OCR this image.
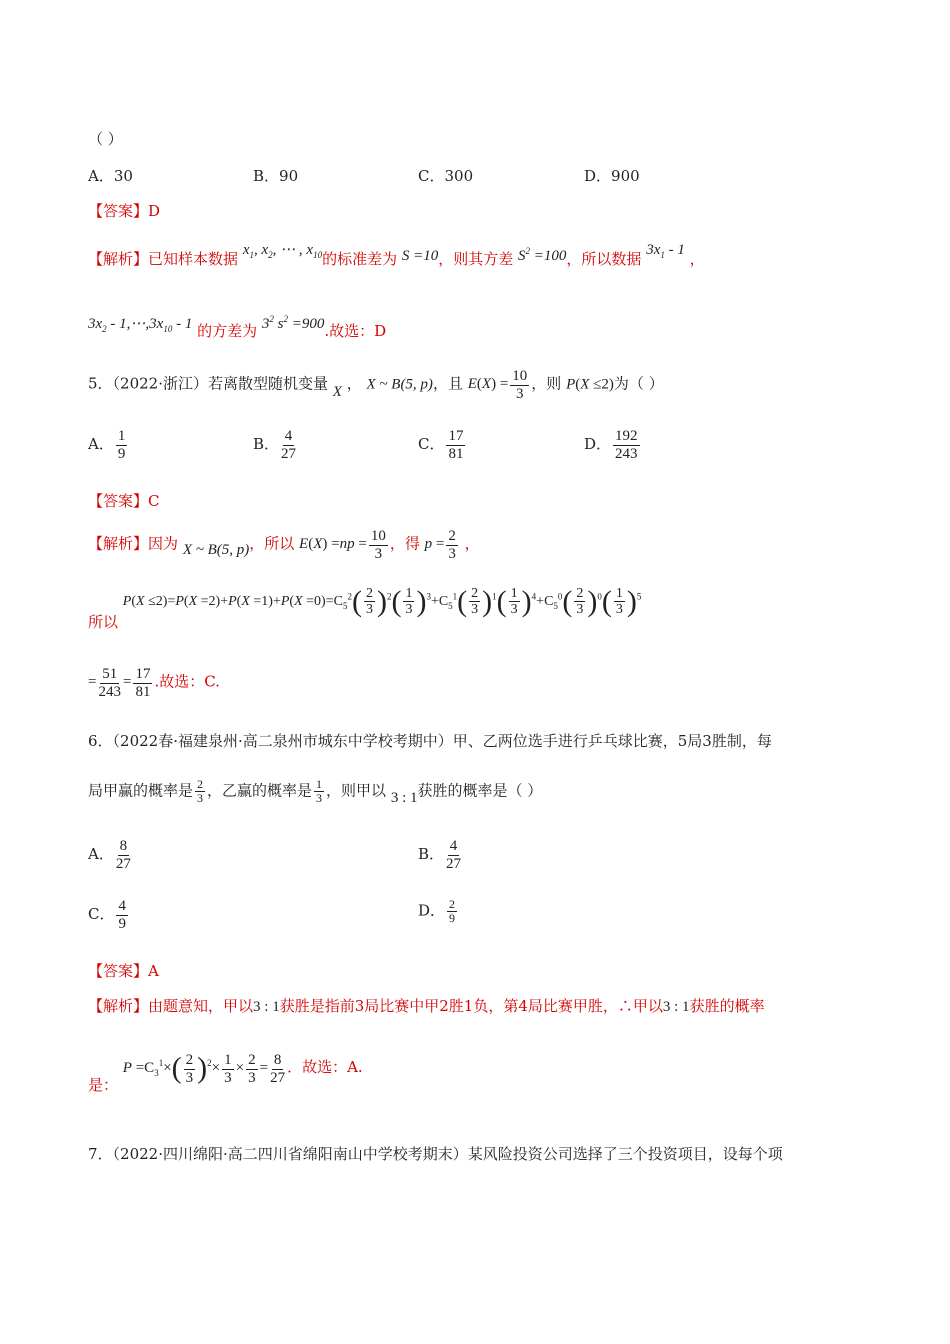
（ ）
A．30	B．90	C．300	D．900
【答案】D
【解析】已知样本数据 $x_1$, $x_2$, ⋯ , $x_{10}$的标准差为 S =10，则其方差 $S^2 =100$，所以数据 $3x_1 - 1$ ，
$3x_2$ - $1,\cdots,3x_{10} - 1$ 的方差为 $3^2$ $s^2 =900$.故选：D
5．（2022·浙江）若离散型随机变量 X ， X ~ B(5, p)，且 $E(X) = \frac{10}{3}$ ，则 P(X ≤2)为（ ）
A． $\frac{1}{9}$	B． $\frac{4}{27}$	C． $\frac{17}{81}$	D． $\frac{192}{243}$
【答案】C
【解析】因为 X ~ B(5, p)，所以 $E(X) =np = \frac{10}{3}$ ，得 $p = \frac{2}{3}$ ，
所以 $P(X \le 2)=P(X =2)+P(X =1)+P(X =0)=C_5^2( \frac{2}{3} )^2( \frac{1}{3} )^3+C_5^1( \frac{2}{3} )^1( \frac{1}{3} )^4+C_5^0( \frac{2}{3} )^0( \frac{1}{3} )^5$
= $\frac{51}{243} = \frac{17}{81}$ .故选：C.
6．（2022春·福建泉州·高二泉州市城东中学校考期中）甲、乙两位选手进行乒乓球比赛，5局3胜制，每
局甲赢的概率是 $\frac{2}{3}$ ，乙赢的概率是 $\frac{1}{3}$ ，则甲以 3 : 1获胜的概率是（ ）
A． $\frac{8}{27}$	B． $\frac{4}{27}$
C． $\frac{4}{9}$	D． $\frac{2}{9}$
【答案】A
【解析】由题意知，甲以3 : 1获胜是指前3局比赛中甲2胜1负，第4局比赛甲胜，∴甲以3 : 1获胜的概率
是： $P =C_3^1\times( \frac{2}{3} )^2\times \frac{1}{3} \times \frac{2}{3} = \frac{8}{27}$ ．故选：A.
7．（2022·四川绵阳·高二四川省绵阳南山中学校考期末）某风险投资公司选择了三个投资项目，设每个项
